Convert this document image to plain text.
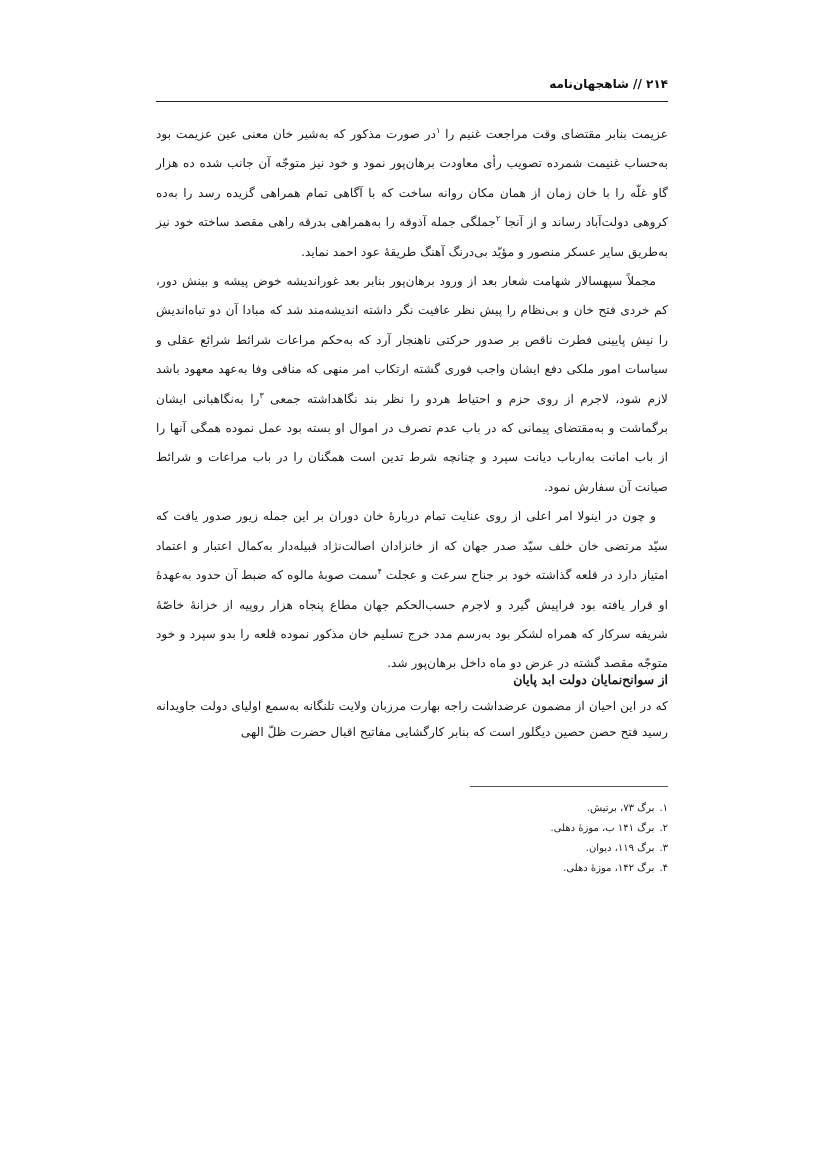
۲۱۴ // شاهجهان‌نامه

عزیمت بنابر مقتضای وقت مراجعت غنیم را $^۱$در صورت مذکور که به‌شیر خان معنی عین عزیمت بود به‌حساب غنیمت شمرده تصویب رأی معاودت برهان‌پور نمود و خود نیز متوجّه آن جانب شده ده هزار گاو غلّه را با خان زمان از همان مکان روانه ساخت که با آگاهی تمام همراهی گزیده رسد را به‌ده کروهی دولت‌آباد رساند و از آنجا $^۲$جملگی جمله آذوقه را به‌همراهی بدرقه راهی مقصد ساخته خود نیز به‌طریق سایر عسکر منصور و مؤیّد بی‌درنگ آهنگ طریقهٔ عود احمد نماید.

مجملاً سپهسالار شهامت شعار بعد از ورود برهان‌پور بنابر بعد غوراندیشه خوض پیشه و بینش دور، کم خردی فتح خان و بی‌نظام را پیش نظر عافیت نگر داشته اندیشه‌مند شد که مبادا آن دو تباه‌اندیش را نیش پایینی فطرت ناقص بر صدور حرکتی ناهنجار آرد که به‌حکم مراعات شرائط شرائع عقلی و سیاسات امور ملکی دفع ایشان واجب فوری گشته ارتکاب امر منهی که منافی وفا به‌عهد معهود باشد لازم شود، لاجرم از روی حزم و احتیاط هردو را نظر بند نگاهداشته جمعی $^۳$را به‌نگاهبانی ایشان برگماشت و به‌مقتضای پیمانی که در باب عدم تصرف در اموال او بسته بود عمل نموده همگی آنها را از باب امانت به‌ارباب دیانت سپرد و چنانچه شرط تدین است همگنان را در باب مراعات و شرائط صیانت آن سفارش نمود.

و چون در اینولا امر اعلی از روی عنایت تمام دربارهٔ خان دوران بر این جمله زیور صدور یافت که سیّد مرتضی خان خلف سیّد صدر جهان که از خانزادان اصالت‌نژاد قبیله‌دار به‌کمال اعتبار و اعتماد امتیاز دارد در قلعه گذاشته خود بر جناح سرعت و عجلت $^۴$سمت صوبهٔ مالوه که ضبط آن حدود به‌عهدهٔ او قرار یافته بود فراپیش گیرد و لاجرم حسب‌الحکم جهان مطاع پنجاه هزار روپیه از خزانهٔ خاصّهٔ شریفه سرکار که همراه لشکر بود به‌رسم مدد خرج تسلیم خان مذکور نموده قلعه را بدو سپرد و خود متوجّه مقصد گشته در عرض دو ماه داخل برهان‌پور شد.

از سوانح‌نمایان دولت ابد پایان

که در این احیان از مضمون عرضداشت راجه بهارت مرزبان ولایت تلنگانه به‌سمع اولیای دولت جاویدانه رسید فتح حصن حصین دیگلور است که بنابر کارگشایی مفاتیح اقبال حضرت ظلّ الهی

۱.برگ ۷۳، برتیش.
۲.برگ ۱۴۱ ب، موزهٔ دهلی.
۳.برگ ۱۱۹، دیوان.
۴.برگ ۱۴۲، موزهٔ دهلی.
